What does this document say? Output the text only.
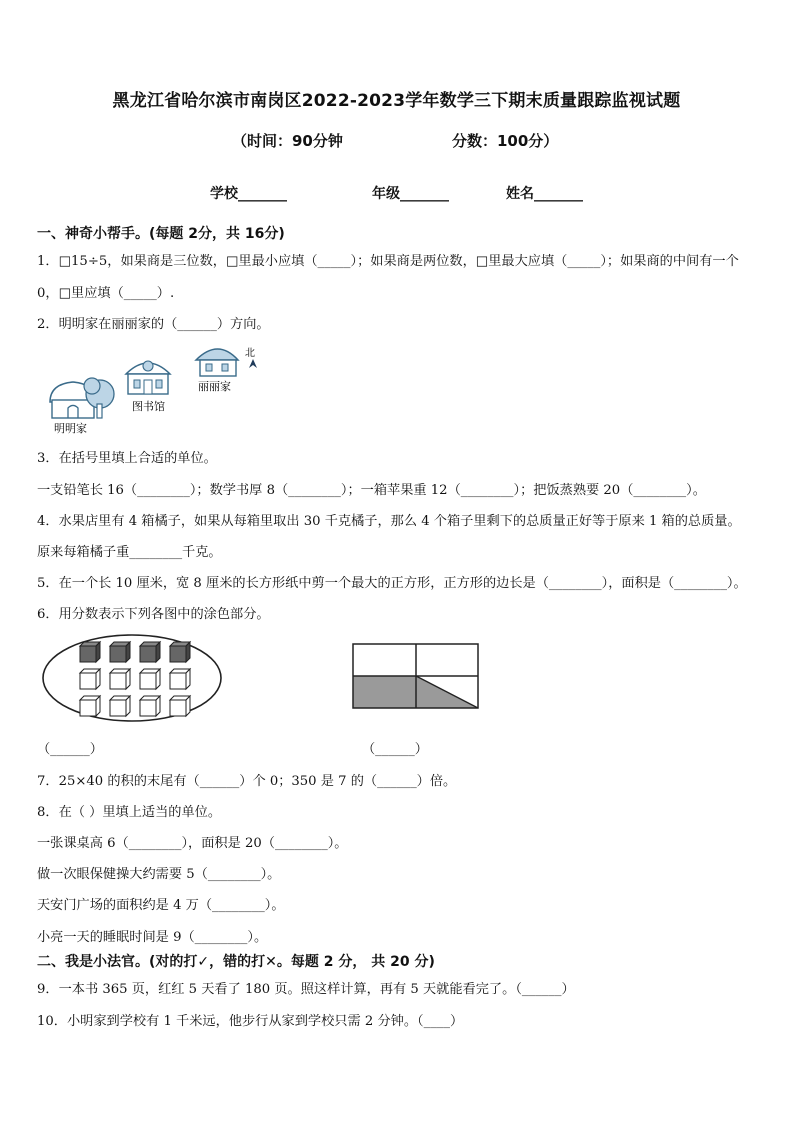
黑龙江省哈尔滨市南岗区2022-2023学年数学三下期末质量跟踪监视试题
（时间：90分钟	分数：100分）
学校_______	年级_______	姓名_______
一、神奇小帮手。(每题 2分，共 16分)
1．□15÷5，如果商是三位数，□里最小应填（_____）；如果商是两位数，□里最大应填（_____）；如果商的中间有一个
0，□里应填（_____）.
2．明明家在丽丽家的（______）方向。
明明家
图书馆
丽丽家
北
3．在括号里填上合适的单位。
一支铅笔长 16（________）；数学书厚 8（________）；一箱苹果重 12（________）；把饭蒸熟要 20（________）。
4．水果店里有 4 箱橘子，如果从每箱里取出 30 千克橘子，那么 4 个箱子里剩下的总质量正好等于原来 1 箱的总质量。
原来每箱橘子重________千克。
5．在一个长 10 厘米，宽 8 厘米的长方形纸中剪一个最大的正方形，正方形的边长是（________），面积是（________）。
6．用分数表示下列各图中的涂色部分。
（______）	（______）
7．25×40 的积的末尾有（______）个 0；350 是 7 的（______）倍。
8．在（ ）里填上适当的单位。
一张课桌高 6（________），面积是 20（________）。
做一次眼保健操大约需要 5（________）。
天安门广场的面积约是 4 万（________）。
小亮一天的睡眠时间是 9（________）。
二、我是小法官。(对的打✓，错的打✕。每题 2 分， 共 20 分)
9．一本书 365 页，红红 5 天看了 180 页。照这样计算，再有 5 天就能看完了。（______）
10．小明家到学校有 1 千米远，他步行从家到学校只需 2 分钟。（____）
